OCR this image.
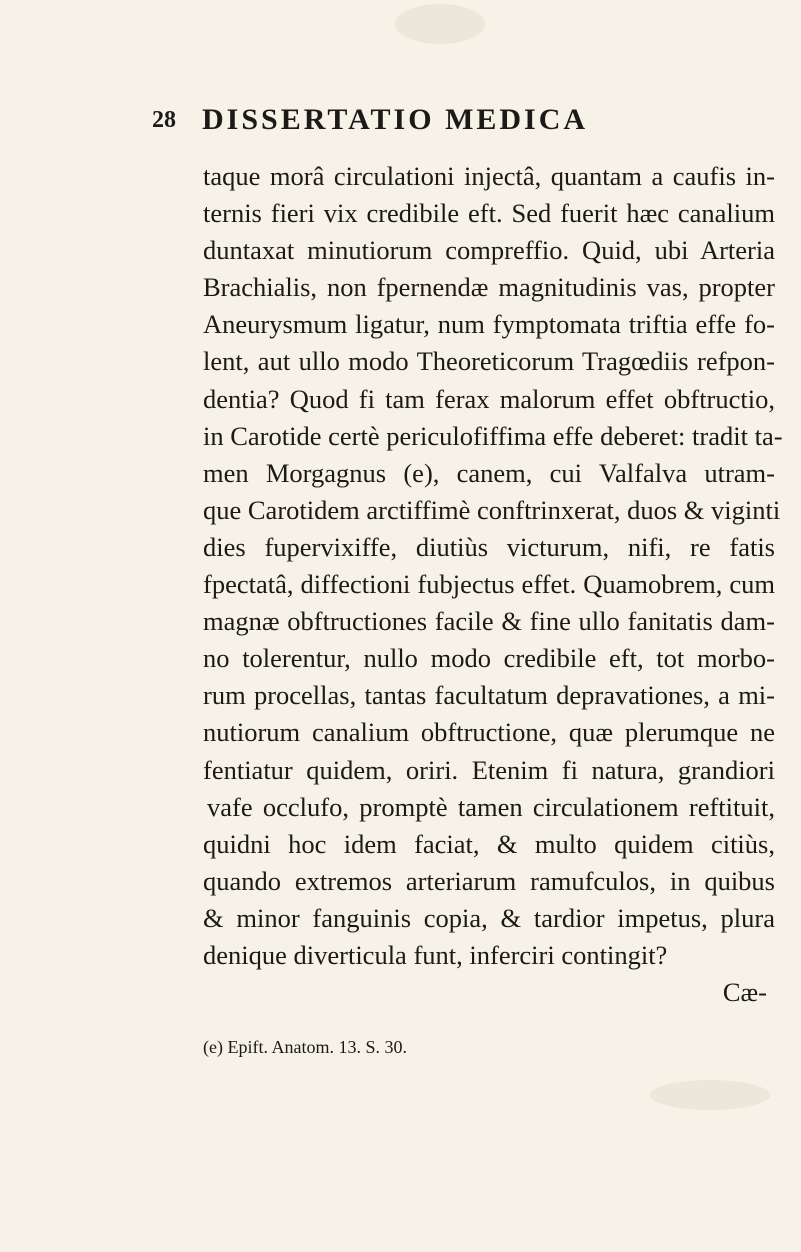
28 DISSERTATIO MEDICA
taque morâ circulationi injectâ, quantam a caufis in-
ternis fieri vix credibile eft. Sed fuerit hæc canalium
duntaxat minutiorum compreffio. Quid, ubi Arteria
Brachialis, non fpernendæ magnitudinis vas, propter
Aneurysmum ligatur, num fymptomata triftia effe fo-
lent, aut ullo modo Theoreticorum Tragœdiis refpon-
dentia? Quod fi tam ferax malorum effet obftructio,
in Carotide certè periculofiffima effe deberet: tradit ta-
men Morgagnus (e), canem, cui Valfalva utram-
que Carotidem arctiffimè conftrinxerat, duos & viginti
dies fupervixiffe, diutiùs victurum, nifi, re fatis
fpectatâ, diffectioni fubjectus effet. Quamobrem, cum
magnæ obftructiones facile & fine ullo fanitatis dam-
no tolerentur, nullo modo credibile eft, tot morbo-
rum procellas, tantas facultatum depravationes, a mi-
nutiorum canalium obftructione, quæ plerumque ne
fentiatur quidem, oriri. Etenim fi natura, grandiori
vafe occlufo, promptè tamen circulationem reftituit,
quidni hoc idem faciat, & multo quidem citiùs,
quando extremos arteriarum ramufculos, in quibus
& minor fanguinis copia, & tardior impetus, plura
denique diverticula funt, inferciri contingit?
Cæ-
(e) Epift. Anatom. 13. S. 30.
